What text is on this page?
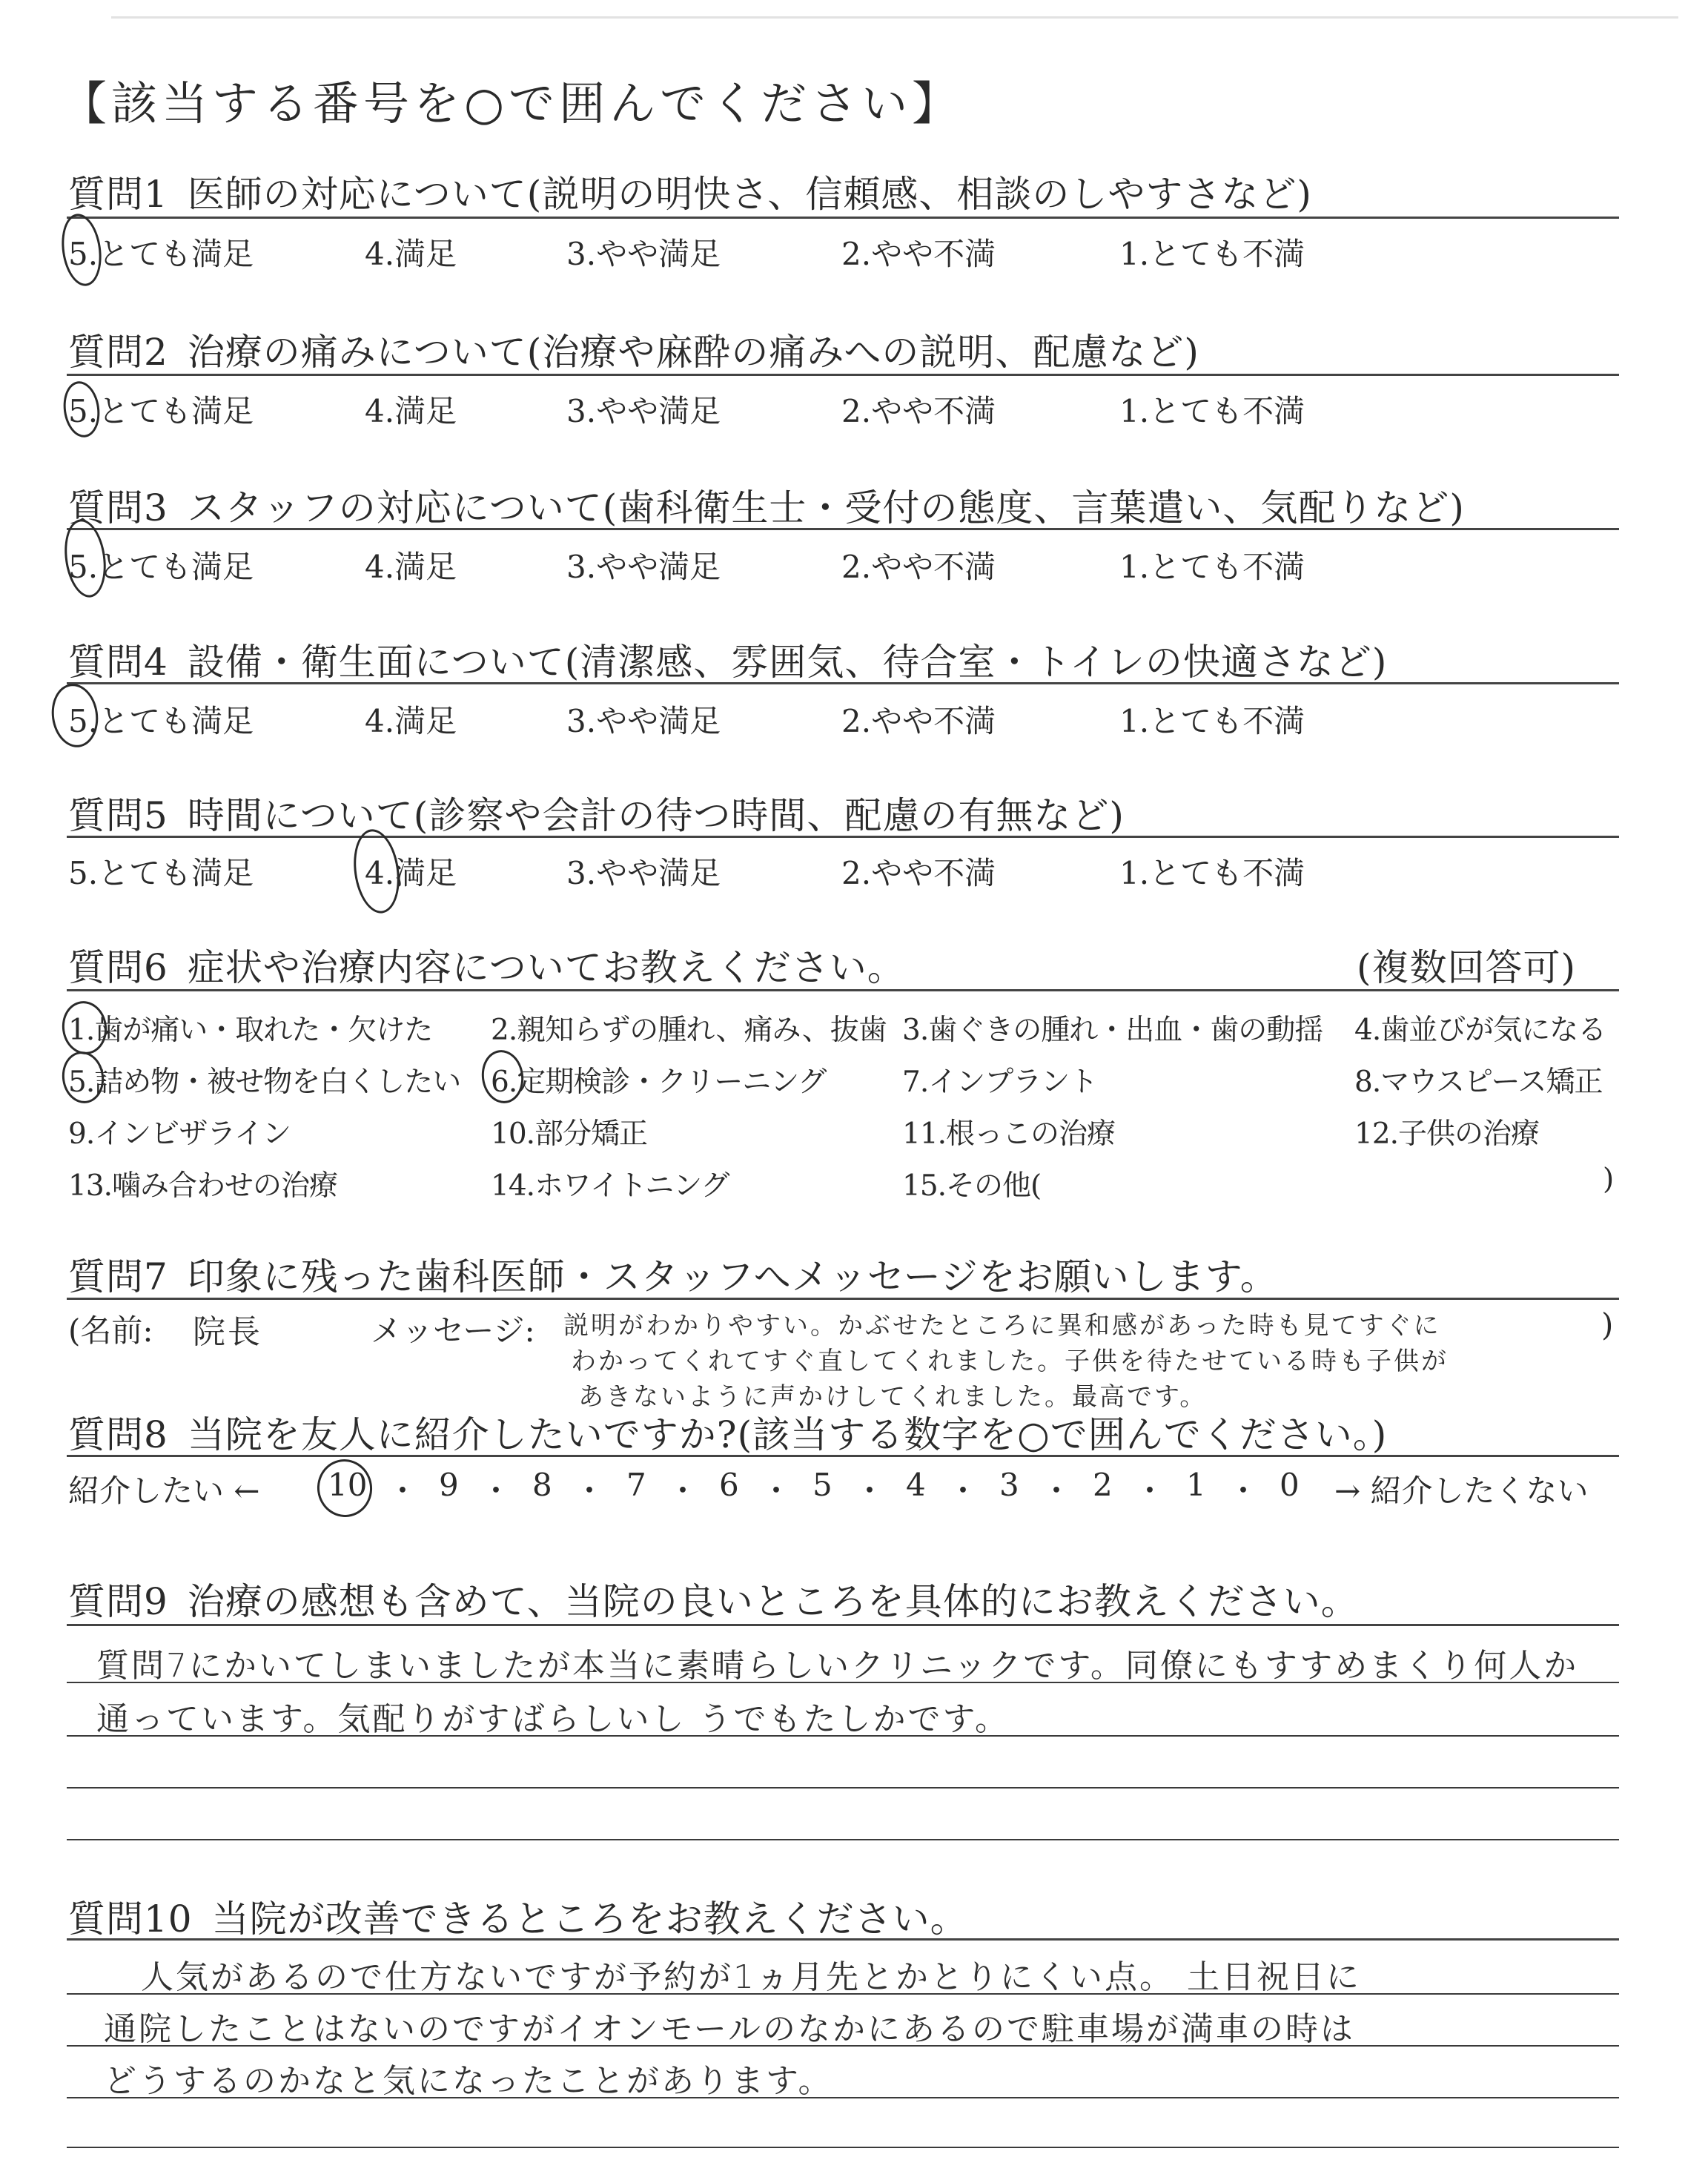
【該当する番号を○で囲んでください】
質問1 医師の対応について(説明の明快さ、信頼感、相談のしやすさなど)
5.とても満足	4.満足	3.やや満足	2.やや不満	1.とても不満
質問2 治療の痛みについて(治療や麻酔の痛みへの説明、配慮など)
5.とても満足	4.満足	3.やや満足	2.やや不満	1.とても不満
質問3 スタッフの対応について(歯科衛生士・受付の態度、言葉遣い、気配りなど)
5.とても満足	4.満足	3.やや満足	2.やや不満	1.とても不満
質問4 設備・衛生面について(清潔感、雰囲気、待合室・トイレの快適さなど)
5.とても満足	4.満足	3.やや満足	2.やや不満	1.とても不満
質問5 時間について(診察や会計の待つ時間、配慮の有無など)
5.とても満足	4.満足	3.やや満足	2.やや不満	1.とても不満
質問6 症状や治療内容についてお教えください。	(複数回答可)
1.歯が痛い・取れた・欠けた 2.親知らずの腫れ、痛み、抜歯 3.歯ぐきの腫れ・出血・歯の動揺 4.歯並びが気になる
5.詰め物・被せ物を白くしたい 6.定期検診・クリーニング	7.インプラント	8.マウスピース矯正
9.インビザライン	10.部分矯正	11.根っこの治療	12.子供の治療
13.噛み合わせの治療	14.ホワイトニング	15.その他(	)
質問7 印象に残った歯科医師・スタッフへメッセージをお願いします。
(名前: 院長	メッセージ:	)
説明がわかりやすい。かぶせたところに異和感があった時も見てすぐに
わかってくれてすぐ直してくれました。子供を待たせている時も子供が
あきないように声かけしてくれました。最高です。
質問8 当院を友人に紹介したいですか?(該当する数字を○で囲んでください。)
紹介したい ← 10 ・ 9 ・ 8 ・ 7 ・ 6 ・ 5 ・ 4 ・ 3 ・ 2 ・ 1 ・ 0 → 紹介したくない
質問9 治療の感想も含めて、当院の良いところを具体的にお教えください。
質問7にかいてしまいましたが本当に素晴らしいクリニックです。同僚にもすすめまくり何人か
通っています。気配りがすばらしいし うでもたしかです。
質問10 当院が改善できるところをお教えください。
人気があるので仕方ないですが予約が1ヵ月先とかとりにくい点。 土日祝日に
通院したことはないのですがイオンモールのなかにあるので駐車場が満車の時は
どうするのかなと気になったことがあります。
